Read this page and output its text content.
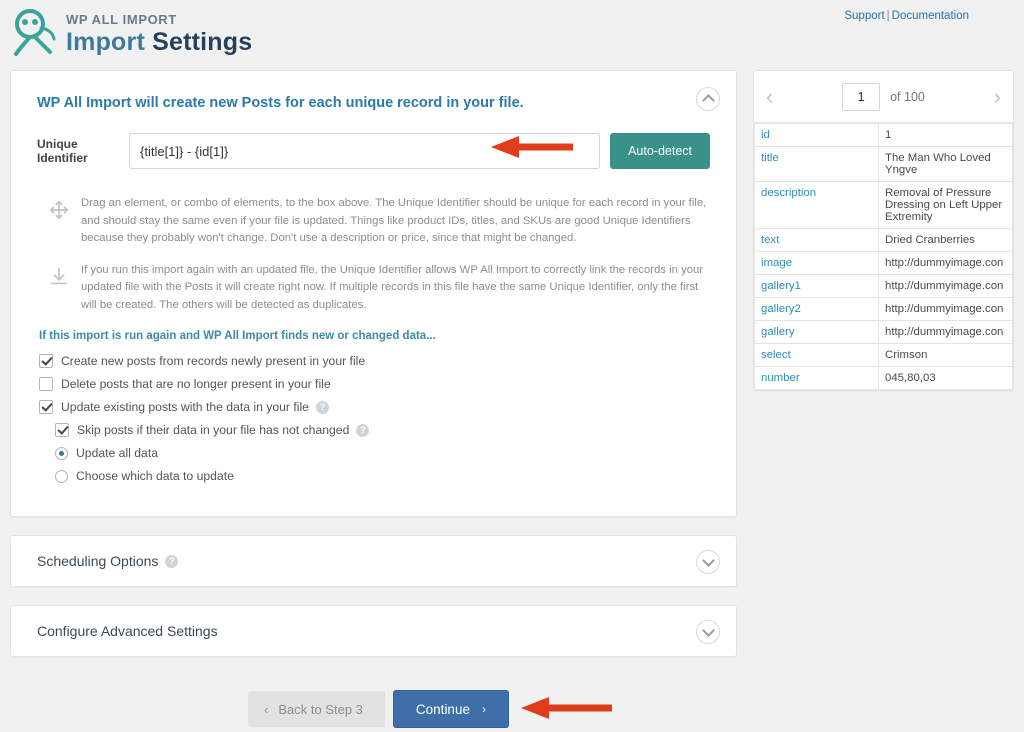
WP ALL IMPORT
Import Settings
Support | Documentation
WP All Import will create new Posts for each unique record in your file.
Unique Identifier
{title[1]} - {id[1]}	Auto-detect
Drag an element, or combo of elements, to the box above. The Unique Identifier should be unique for each record in your file, and should stay the same even if your file is updated. Things like product IDs, titles, and SKUs are good Unique Identifiers because they probably won't change. Don't use a description or price, since that might be changed.
If you run this import again with an updated file, the Unique Identifier allows WP All Import to correctly link the records in your updated file with the Posts it will create right now. If multiple records in this file have the same Unique Identifier, only the first will be created. The others will be detected as duplicates.
If this import is run again and WP All Import finds new or changed data...
Create new posts from records newly present in your file
Delete posts that are no longer present in your file
Update existing posts with the data in your file	?
Skip posts if their data in your file has not changed	?
Update all data
Choose which data to update
Scheduling Options	?
Configure Advanced Settings
‹ Back to Step 3	Continue ›
‹
1	of 100	›
id	1
title	The Man Who Loved Yngve
description	Removal of Pressure Dressing on Left Upper Extremity
text	Dried Cranberries
image	http://dummyimage.con
gallery1	http://dummyimage.con
gallery2	http://dummyimage.con
gallery	http://dummyimage.con
select	Crimson
number	045,80,03
